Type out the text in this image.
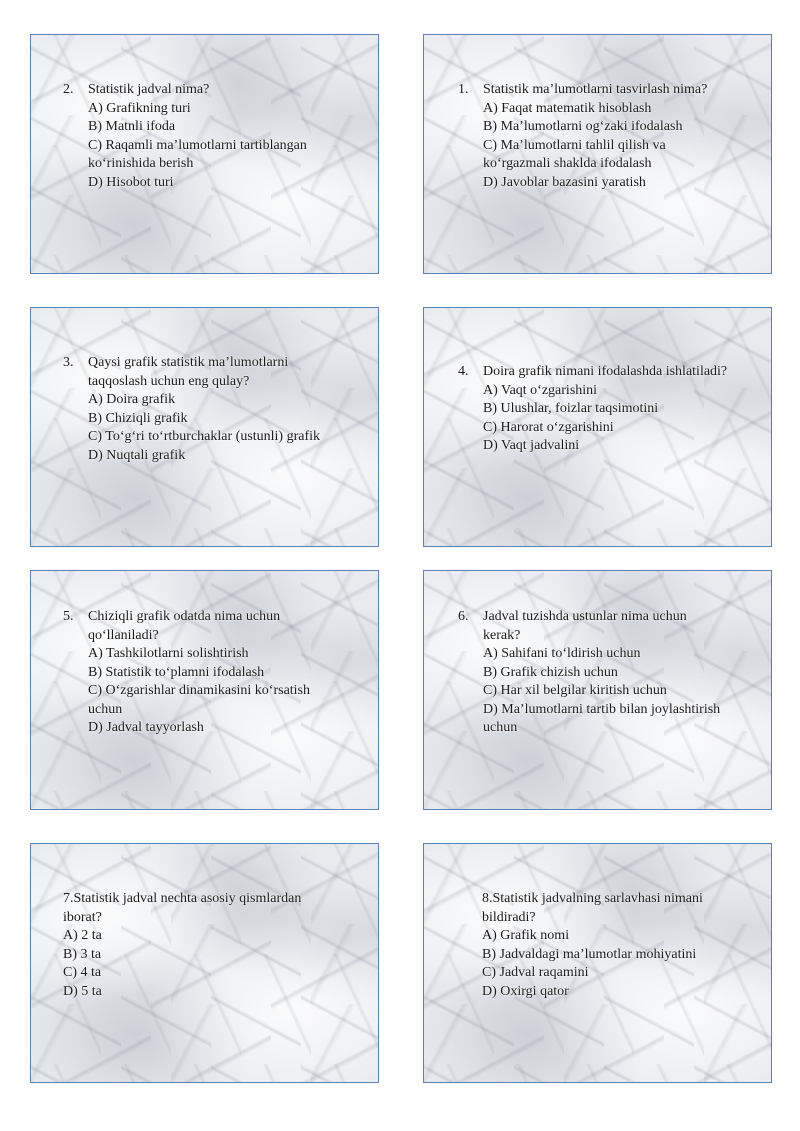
2. Statistik jadval nima?
A) Grafikning turi
B) Matnli ifoda
C) Raqamli ma’lumotlarni tartiblangan
ko‘rinishida berish
D) Hisobot turi
1. Statistik ma’lumotlarni tasvirlash nima?
A) Faqat matematik hisoblash
B) Ma’lumotlarni og‘zaki ifodalash
C) Ma’lumotlarni tahlil qilish va
ko‘rgazmali shaklda ifodalash
D) Javoblar bazasini yaratish
3. Qaysi grafik statistik ma’lumotlarni
taqqoslash uchun eng qulay?
A) Doira grafik
B) Chiziqli grafik
C) To‘g‘ri to‘rtburchaklar (ustunli) grafik
D) Nuqtali grafik
4. Doira grafik nimani ifodalashda ishlatiladi?
A) Vaqt o‘zgarishini
B) Ulushlar, foizlar taqsimotini
C) Harorat o‘zgarishini
D) Vaqt jadvalini
5. Chiziqli grafik odatda nima uchun
qo‘llaniladi?
A) Tashkilotlarni solishtirish
B) Statistik to‘plamni ifodalash
C) O‘zgarishlar dinamikasini ko‘rsatish
uchun
D) Jadval tayyorlash
6. Jadval tuzishda ustunlar nima uchun
kerak?
A) Sahifani to‘ldirish uchun
B) Grafik chizish uchun
C) Har xil belgilar kiritish uchun
D) Ma’lumotlarni tartib bilan joylashtirish
uchun
7.Statistik jadval nechta asosiy qismlardan
iborat?
A) 2 ta
B) 3 ta
C) 4 ta
D) 5 ta
8.Statistik jadvalning sarlavhasi nimani
bildiradi?
A) Grafik nomi
B) Jadvaldagi ma’lumotlar mohiyatini
C) Jadval raqamini
D) Oxirgi qator
